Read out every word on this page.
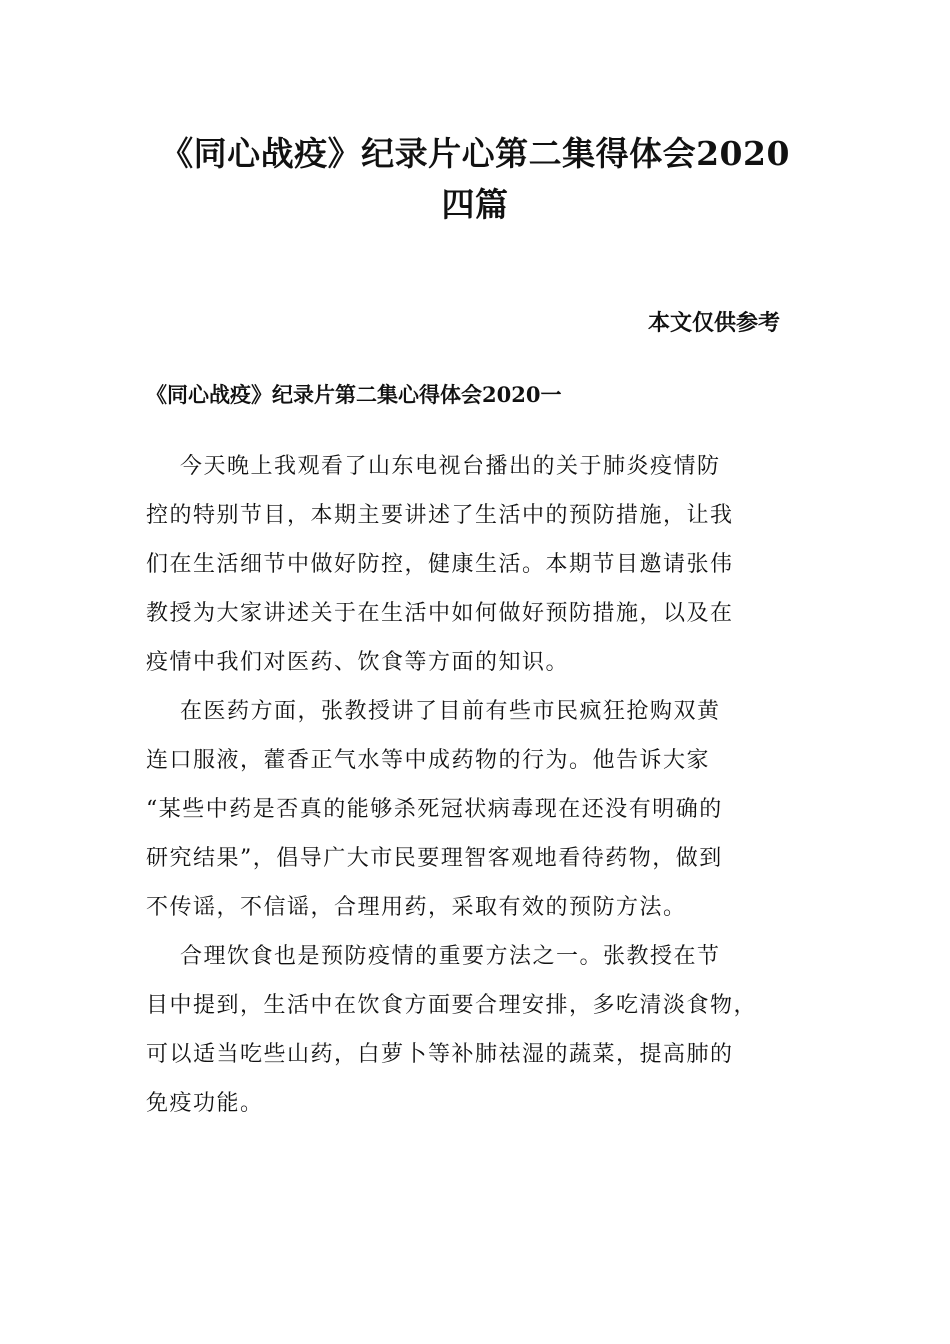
《同心战疫》纪录片心第二集得体会2020
四篇

本文仅供参考

《同心战疫》纪录片第二集心得体会2020一

今天晚上我观看了山东电视台播出的关于肺炎疫情防
控的特别节目，本期主要讲述了生活中的预防措施，让我
们在生活细节中做好防控，健康生活。本期节目邀请张伟
教授为大家讲述关于在生活中如何做好预防措施，以及在
疫情中我们对医药、饮食等方面的知识。

在医药方面，张教授讲了目前有些市民疯狂抢购双黄
连口服液，藿香正气水等中成药物的行为。他告诉大家
“某些中药是否真的能够杀死冠状病毒现在还没有明确的
研究结果”，倡导广大市民要理智客观地看待药物，做到
不传谣，不信谣，合理用药，采取有效的预防方法。

合理饮食也是预防疫情的重要方法之一。张教授在节
目中提到，生活中在饮食方面要合理安排，多吃清淡食物，
可以适当吃些山药，白萝卜等补肺祛湿的蔬菜，提高肺的
免疫功能。
